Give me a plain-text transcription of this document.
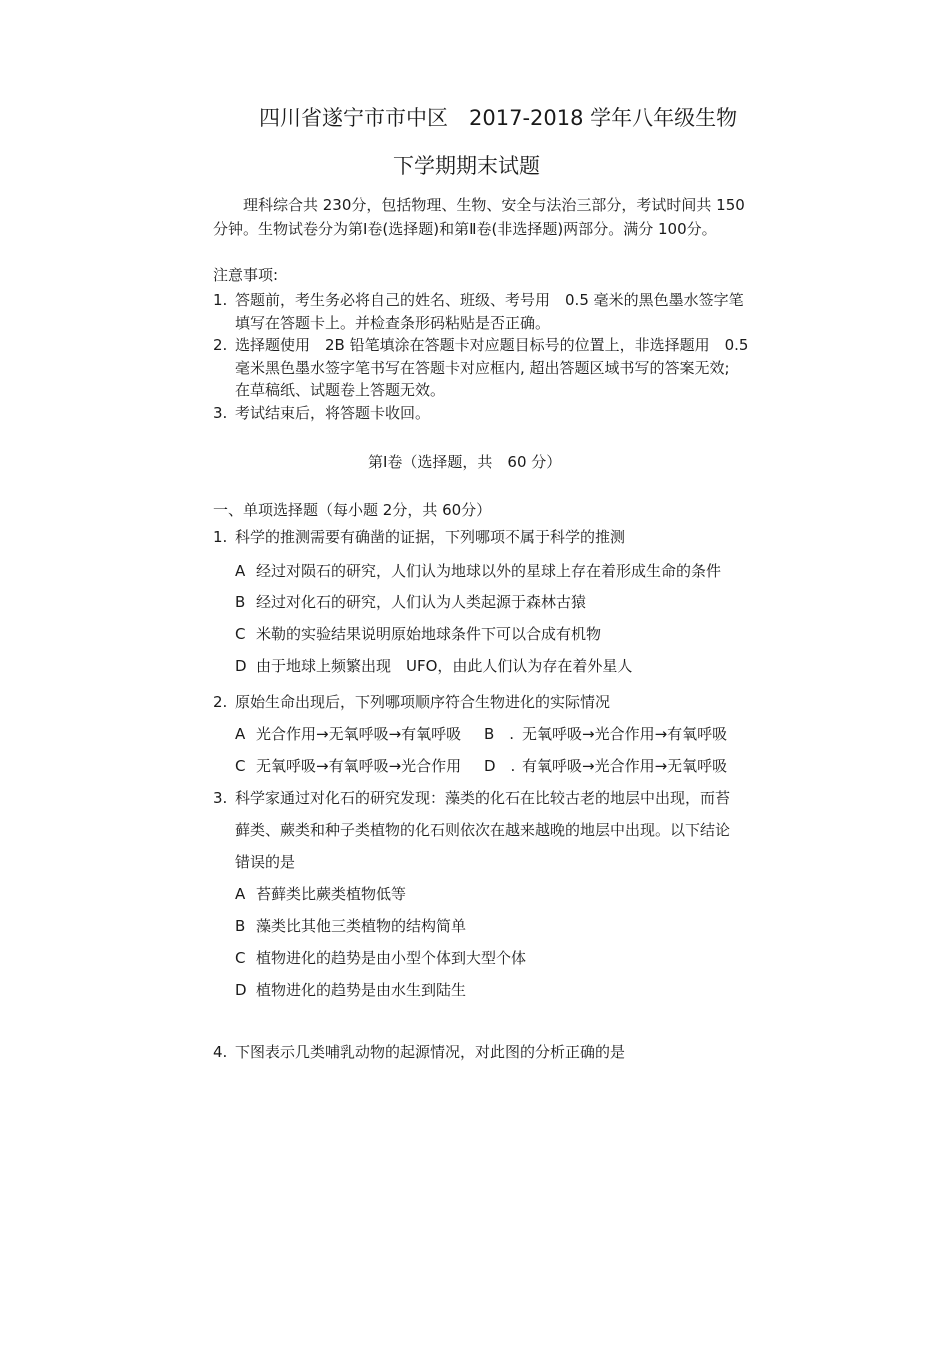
四川省遂宁市市中区　2017-2018 学年八年级生物
下学期期末试题
理科综合共 230分，包括物理、生物、安全与法治三部分，考试时间共 150
分钟。生物试卷分为第Ⅰ卷(选择题)和第Ⅱ卷(非选择题)两部分。满分 100分。
注意事项:
1. 答题前，考生务必将自己的姓名、班级、考号用　0.5 毫米的黑色墨水签字笔
填写在答题卡上。并检查条形码粘贴是否正确。
2. 选择题使用　2B 铅笔填涂在答题卡对应题目标号的位置上，非选择题用　0.5
毫米黑色墨水签字笔书写在答题卡对应框内, 超出答题区域书写的答案无效;
在草稿纸、试题卷上答题无效。
3. 考试结束后，将答题卡收回。
第Ⅰ卷（选择题，共　60 分）
一、单项选择题（每小题 2分，共 60分）
1. 科学的推测需要有确凿的证据，下列哪项不属于科学的推测
A 经过对陨石的研究，人们认为地球以外的星球上存在着形成生命的条件
B 经过对化石的研究，人们认为人类起源于森林古猿
C 米勒的实验结果说明原始地球条件下可以合成有机物
D 由于地球上频繁出现　UFO，由此人们认为存在着外星人
2. 原始生命出现后，下列哪项顺序符合生物进化的实际情况
A 光合作用→无氧呼吸→有氧呼吸 B　. 无氧呼吸→光合作用→有氧呼吸
C 无氧呼吸→有氧呼吸→光合作用 D　. 有氧呼吸→光合作用→无氧呼吸
3. 科学家通过对化石的研究发现：藻类的化石在比较古老的地层中出现，而苔
藓类、蕨类和种子类植物的化石则依次在越来越晚的地层中出现。以下结论
错误的是
A 苔藓类比蕨类植物低等
B 藻类比其他三类植物的结构简单
C 植物进化的趋势是由小型个体到大型个体
D 植物进化的趋势是由水生到陆生
4. 下图表示几类哺乳动物的起源情况，对此图的分析正确的是
